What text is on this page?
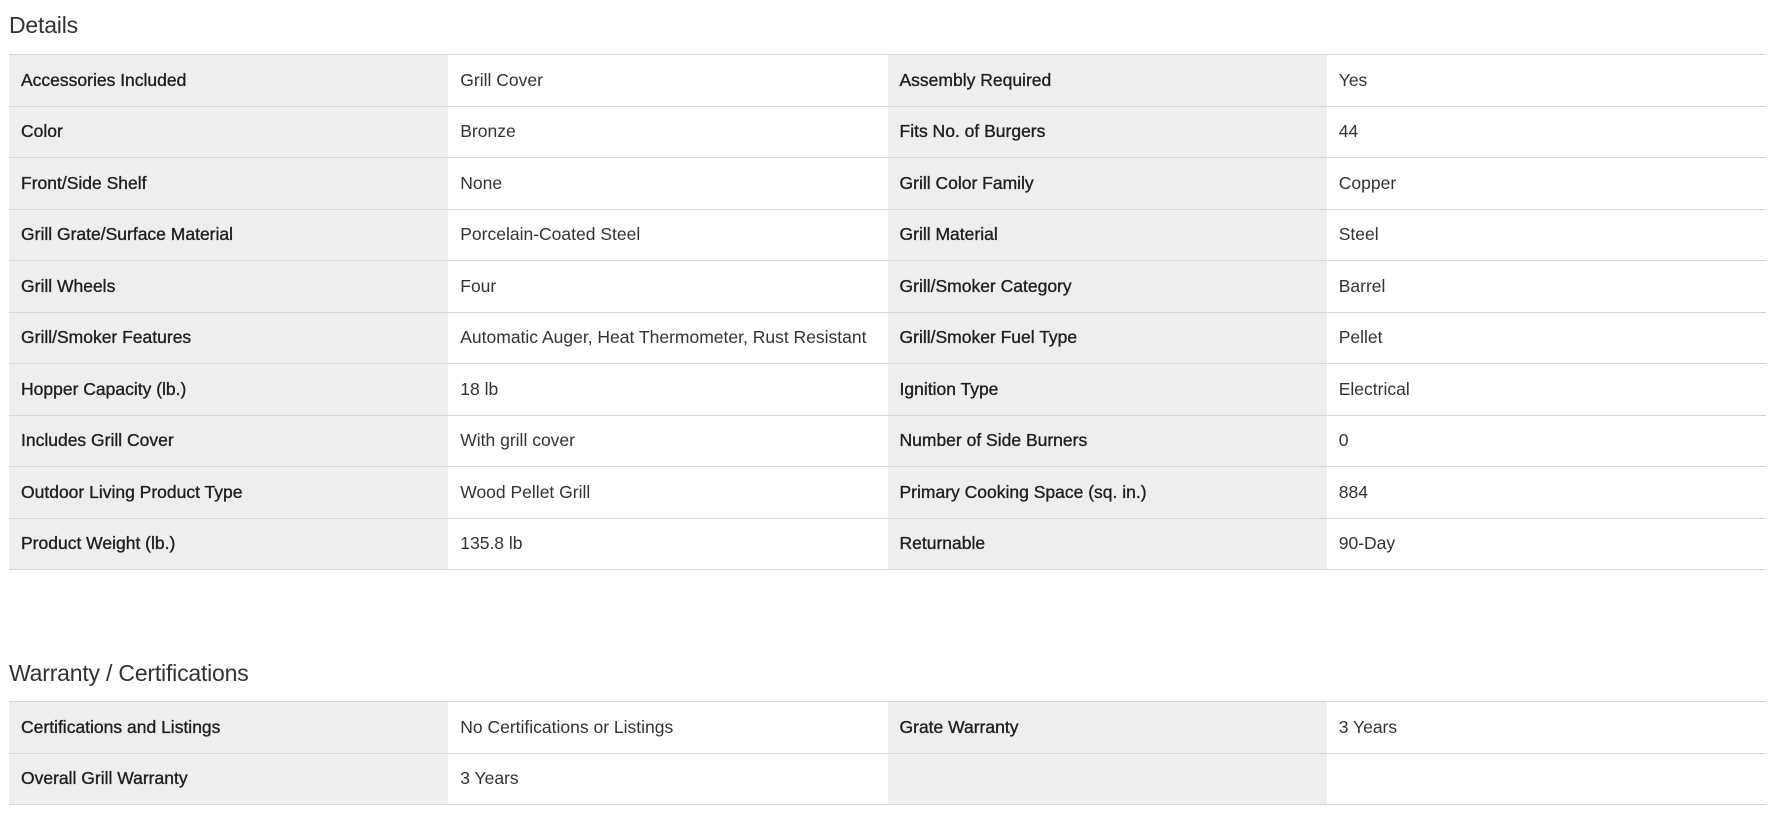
Details
Accessories Included	Grill Cover	Assembly Required	Yes
Color	Bronze	Fits No. of Burgers	44
Front/Side Shelf	None	Grill Color Family	Copper
Grill Grate/Surface Material	Porcelain-Coated Steel	Grill Material	Steel
Grill Wheels	Four	Grill/Smoker Category	Barrel
Grill/Smoker Features	Automatic Auger, Heat Thermometer, Rust Resistant	Grill/Smoker Fuel Type	Pellet
Hopper Capacity (lb.)	18 lb	Ignition Type	Electrical
Includes Grill Cover	With grill cover	Number of Side Burners	0
Outdoor Living Product Type	Wood Pellet Grill	Primary Cooking Space (sq. in.)	884
Product Weight (lb.)	135.8 lb	Returnable	90-Day
Warranty / Certifications
Certifications and Listings	No Certifications or Listings	Grate Warranty	3 Years
Overall Grill Warranty	3 Years		
